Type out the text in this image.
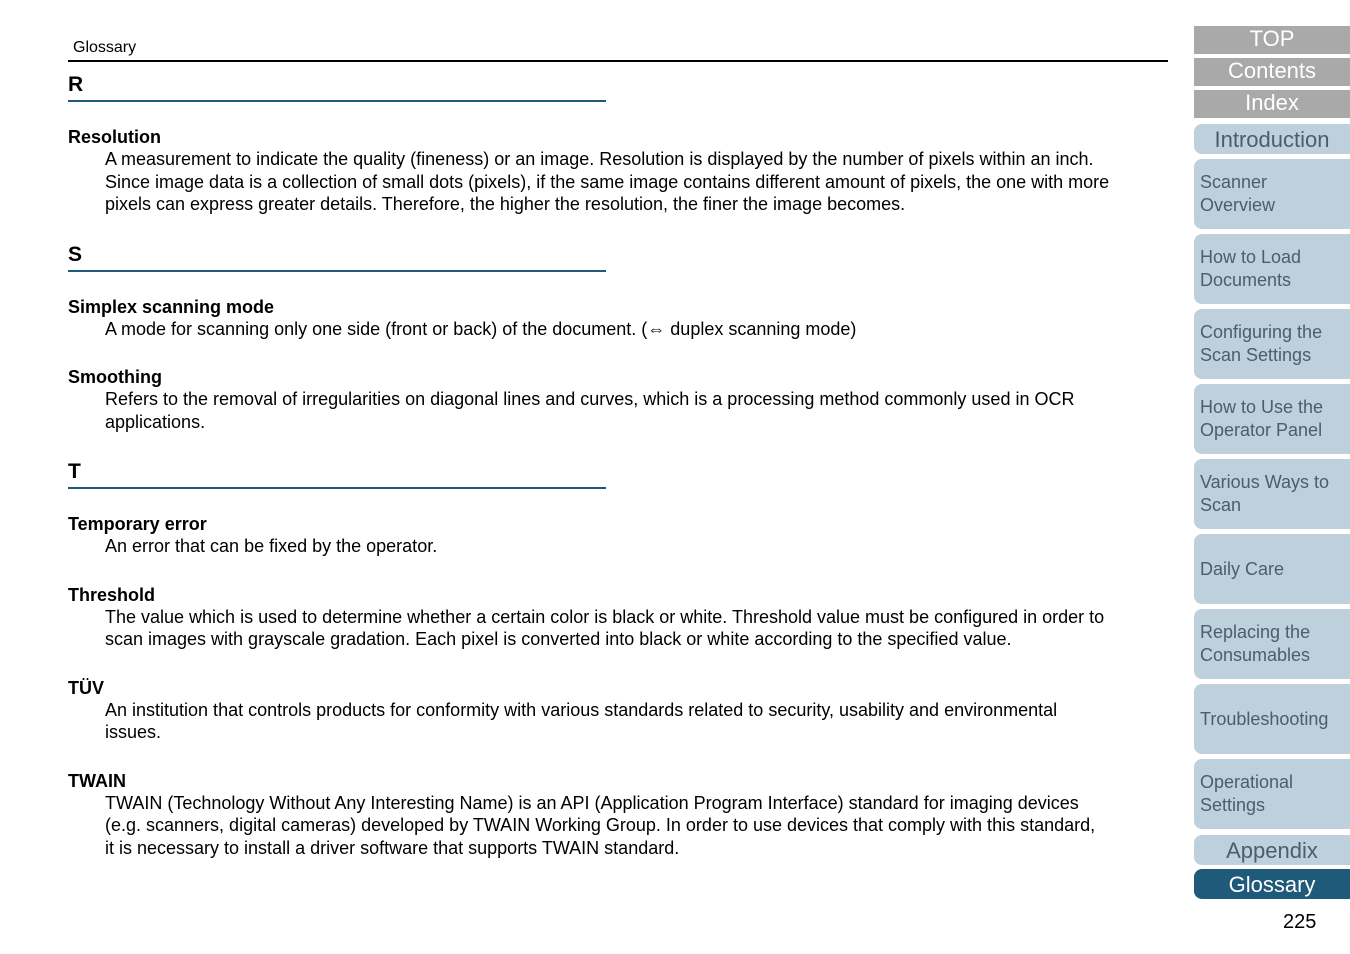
Glossary
R
Resolution
A measurement to indicate the quality (fineness) or an image. Resolution is displayed by the number of pixels within an inch.
Since image data is a collection of small dots (pixels), if the same image contains different amount of pixels, the one with more
pixels can express greater details. Therefore, the higher the resolution, the finer the image becomes.
S
Simplex scanning mode
A mode for scanning only one side (front or back) of the document. (⇔ duplex scanning mode)
Smoothing
Refers to the removal of irregularities on diagonal lines and curves, which is a processing method commonly used in OCR
applications.
T
Temporary error
An error that can be fixed by the operator.
Threshold
The value which is used to determine whether a certain color is black or white. Threshold value must be configured in order to
scan images with grayscale gradation. Each pixel is converted into black or white according to the specified value.
TÜV
An institution that controls products for conformity with various standards related to security, usability and environmental
issues.
TWAIN
TWAIN (Technology Without Any Interesting Name) is an API (Application Program Interface) standard for imaging devices
(e.g. scanners, digital cameras) developed by TWAIN Working Group. In order to use devices that comply with this standard,
it is necessary to install a driver software that supports TWAIN standard.
TOP
Contents
Index
Introduction
Scanner
Overview
How to Load
Documents
Configuring the
Scan Settings
How to Use the
Operator Panel
Various Ways to
Scan
Daily Care
Replacing the
Consumables
Troubleshooting
Operational
Settings
Appendix
Glossary
225
